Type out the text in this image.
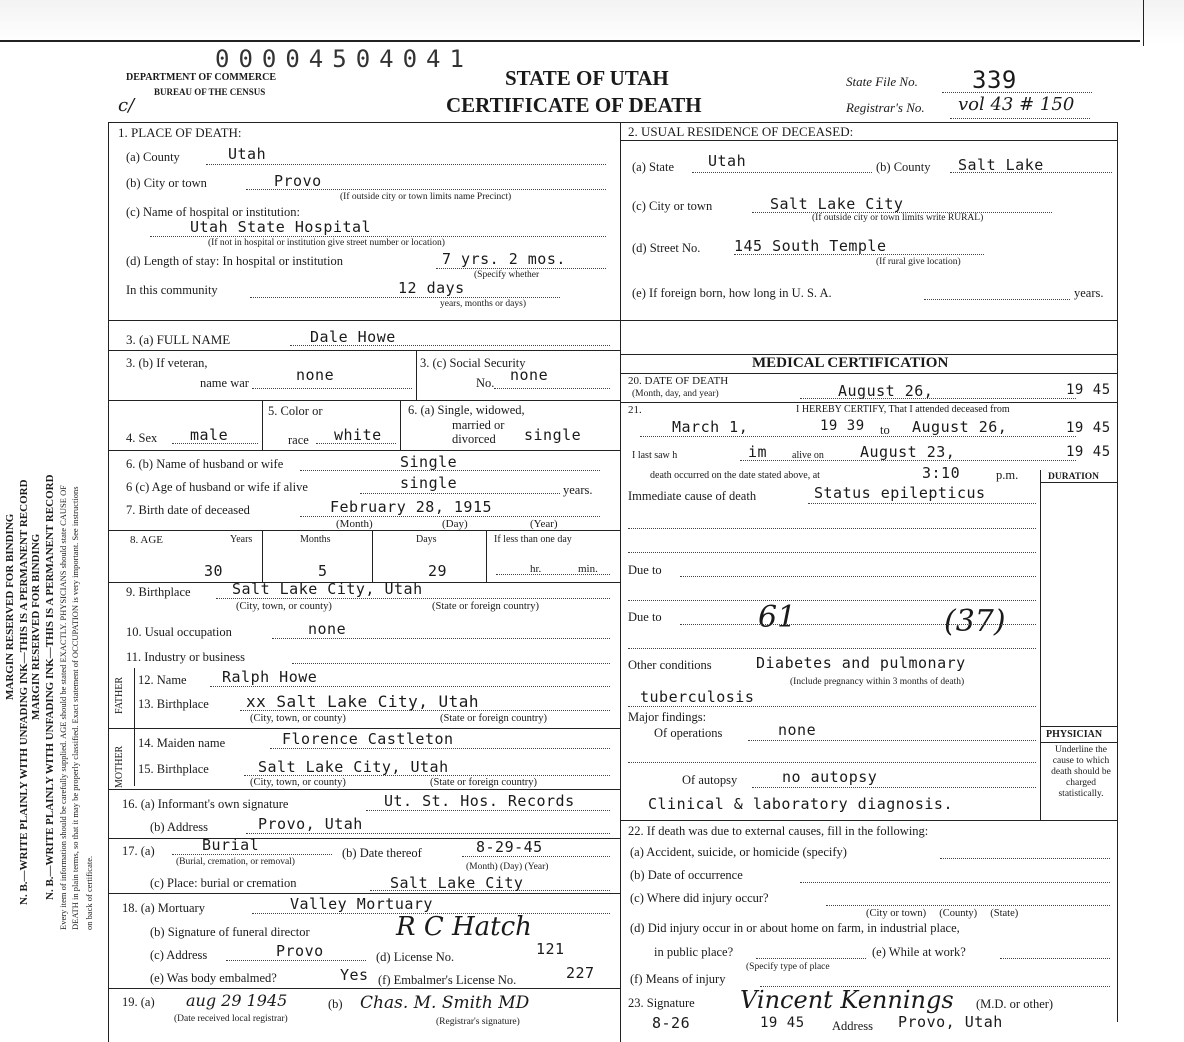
MARGIN RESERVED FOR BINDING N. B.—WRITE PLAINLY WITH UNFADING INK—THIS IS A PERMANENT RECORD MARGIN RESERVED FOR BINDING N. B.—WRITE PLAINLY WITH UNFADING INK—THIS IS A PERMANENT RECORD Every item of information should be carefully supplied. AGE should be stated EXACTLY. PHYSICIANS should state CAUSE OF DEATH in plain terms, so that it may be properly classified. Exact statement of OCCUPATION is very important. See instructions on back of certificate.
00004504041
DEPARTMENT OF COMMERCE
BUREAU OF THE CENSUS
STATE OF UTAH
CERTIFICATE OF DEATH
State File No. 339
Registrar's No. vol 43 # 150
c/
1. PLACE OF DEATH:
(a) County	Utah
(b) City or town	Provo
(If outside city or town limits name Precinct)
(c) Name of hospital or institution:
Utah State Hospital
(If not in hospital or institution give street number or location)
(d) Length of stay: In hospital or institution	7 yrs. 2 mos.
(Specify whether
In this community	12 days
years, months or days)
2. USUAL RESIDENCE OF DECEASED:
(a) State Utah	(b) County Salt Lake
(c) City or town	Salt Lake City
(If outside city or town limits write RURAL)
(d) Street No. 145 South Temple
(If rural give location)
(e) If foreign born, how long in U. S. A.	years.
3. (a) FULL NAME	Dale Howe
3. (b) If veteran,
name war	none
3. (c) Social Security
No. none
4. Sex male
5. Color or
race white
6. (a) Single, widowed,
married or
divorced single
6. (b) Name of husband or wife	Single
6 (c) Age of husband or wife if alive	single	years.
7. Birth date of deceased	February 28, 1915
(Month)	(Day)	(Year)
8. AGE	Years	Months	Days	If less than one day
30	5	29	hr.	min.
9. Birthplace	Salt Lake City, Utah
(City, town, or county)	(State or foreign country)
10. Usual occupation	none
11. Industry or business
FATHER
MOTHER
12. Name Ralph Howe
13. Birthplace xx Salt Lake City, Utah
(City, town, or county)	(State or foreign country)
14. Maiden name	Florence Castleton
15. Birthplace	Salt Lake City, Utah
(City, town, or county)	(State or foreign country)
16. (a) Informant's own signature	Ut. St. Hos. Records
(b) Address	Provo, Utah
17. (a)	Burial
(Burial, cremation, or removal)
(b) Date thereof	8-29-45
(Month) (Day) (Year)
(c) Place: burial or cremation	Salt Lake City
18. (a) Mortuary	Valley Mortuary
(b) Signature of funeral director	R C Hatch
(c) Address	Provo	(d) License No.	121
(e) Was body embalmed?	Yes (f) Embalmer's License No.	227
19. (a) aug 29 1945	(b)
(Date received local registrar)
Chas. M. Smith MD
(Registrar's signature)
MEDICAL CERTIFICATION
20. DATE OF DEATH
(Month, day, and year)	August 26,	19 45
21.	I HEREBY CERTIFY, That I attended deceased from
March 1,	19 39 to August 26,	19 45
I last saw h	im alive on August 23,	19 45
death occurred on the date stated above, at	3:10	p.m.	DURATION
Immediate cause of death	Status epilepticus
Due to
Due to	61	(37)
Other conditions	Diabetes and pulmonary
(Include pregnancy within 3 months of death)
tuberculosis
Major findings:
Of operations	none
Of autopsy	no autopsy
Clinical & laboratory diagnosis.
PHYSICIAN
Underline the cause to which death should be charged statistically.
22. If death was due to external causes, fill in the following:
(a) Accident, suicide, or homicide (specify)
(b) Date of occurrence
(c) Where did injury occur?
(City or town)     (County)     (State)
(d) Did injury occur in or about home on farm, in industrial place,
in public place?
(Specify type of place
(e) While at work?
(f) Means of injury
23. Signature Vincent Kennings (M.D. or other)
8-26	19 45 Address Provo, Utah
